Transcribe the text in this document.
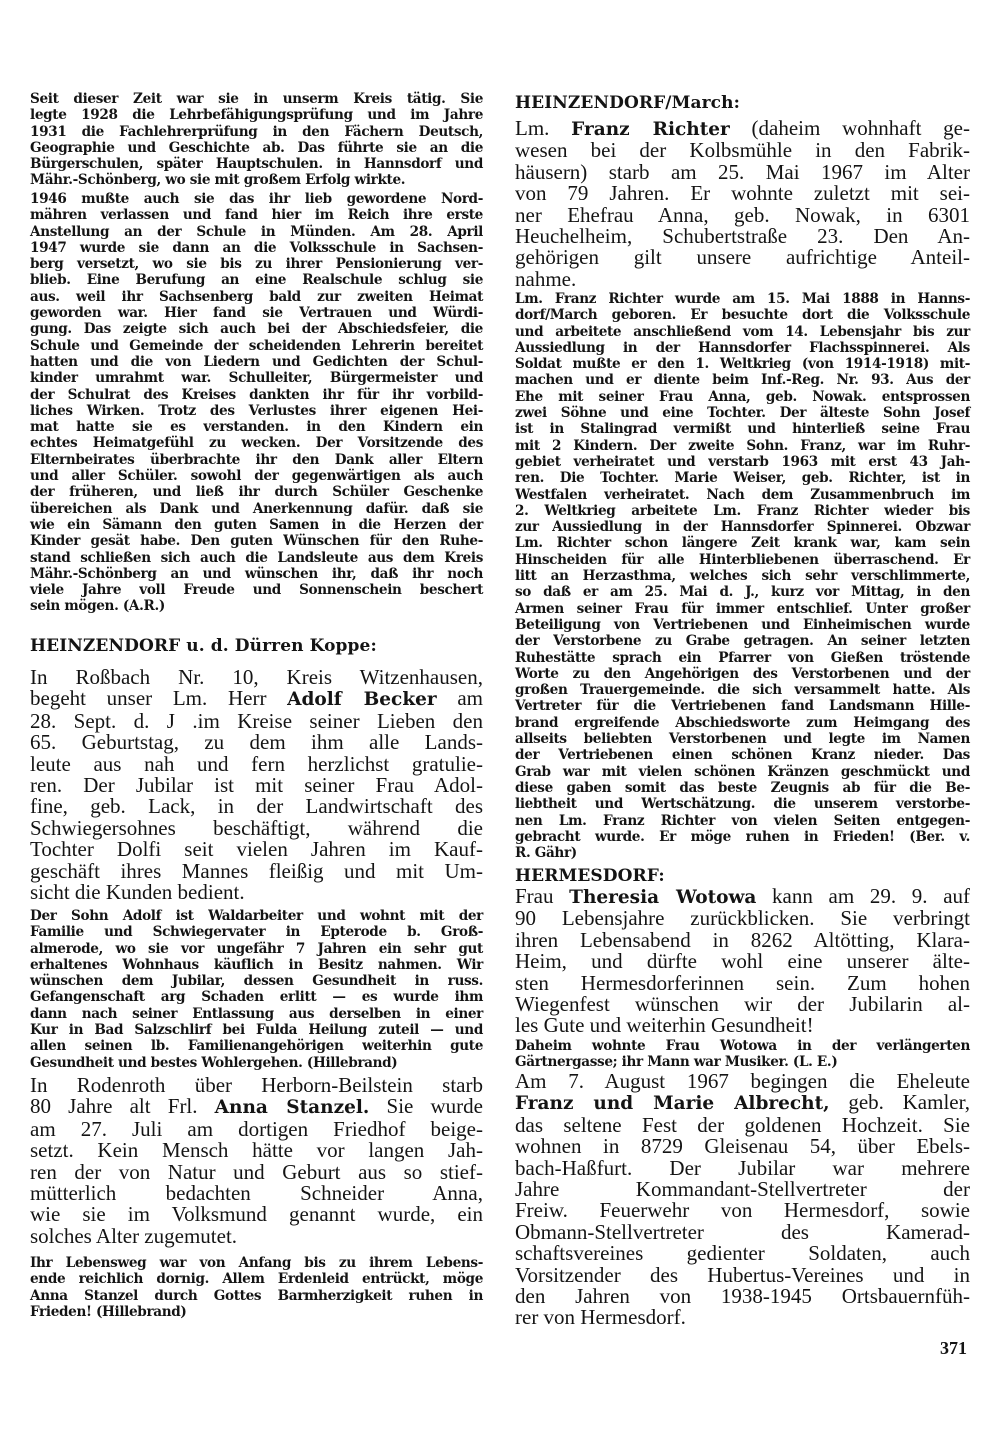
Seit dieser Zeit war sie in unserm Kreis tätig. Sie
legte 1928 die Lehrbefähigungsprüfung und im Jahre
1931 die Fachlehrerprüfung in den Fächern Deutsch,
Geographie und Geschichte ab. Das führte sie an die
Bürgerschulen, später Hauptschulen. in Hannsdorf und
Mähr.-Schönberg, wo sie mit großem Erfolg wirkte.
1946 mußte auch sie das ihr lieb gewordene Nord-
mähren verlassen und fand hier im Reich ihre erste
Anstellung an der Schule in Münden. Am 28. April
1947 wurde sie dann an die Volksschule in Sachsen-
berg versetzt, wo sie bis zu ihrer Pensionierung ver-
blieb. Eine Berufung an eine Realschule schlug sie
aus. weil ihr Sachsenberg bald zur zweiten Heimat
geworden war. Hier fand sie Vertrauen und Würdi-
gung. Das zeigte sich auch bei der Abschiedsfeier, die
Schule und Gemeinde der scheidenden Lehrerin bereitet
hatten und die von Liedern und Gedichten der Schul-
kinder umrahmt war. Schulleiter, Bürgermeister und
der Schulrat des Kreises dankten ihr für ihr vorbild-
liches Wirken. Trotz des Verlustes ihrer eigenen Hei-
mat hatte sie es verstanden. in den Kindern ein
echtes Heimatgefühl zu wecken. Der Vorsitzende des
Elternbeirates überbrachte ihr den Dank aller Eltern
und aller Schüler. sowohl der gegenwärtigen als auch
der früheren, und ließ ihr durch Schüler Geschenke
übereichen als Dank und Anerkennung dafür. daß sie
wie ein Sämann den guten Samen in die Herzen der
Kinder gesät habe. Den guten Wünschen für den Ruhe-
stand schließen sich auch die Landsleute aus dem Kreis
Mähr.-Schönberg an und wünschen ihr, daß ihr noch
viele Jahre voll Freude und Sonnenschein beschert
sein mögen. (A.R.)
HEINZENDORF u. d. Dürren Koppe:
In Roßbach Nr. 10, Kreis Witzenhausen,
begeht unser Lm. Herr Adolf Becker am
28. Sept. d. J .im Kreise seiner Lieben den
65. Geburtstag, zu dem ihm alle Lands-
leute aus nah und fern herzlichst gratulie-
ren. Der Jubilar ist mit seiner Frau Adol-
fine, geb. Lack, in der Landwirtschaft des
Schwiegersohnes beschäftigt, während die
Tochter Dolfi seit vielen Jahren im Kauf-
geschäft ihres Mannes fleißig und mit Um-
sicht die Kunden bedient.
Der Sohn Adolf ist Waldarbeiter und wohnt mit der
Familie und Schwiegervater in Epterode b. Groß-
almerode, wo sie vor ungefähr 7 Jahren ein sehr gut
erhaltenes Wohnhaus käuflich in Besitz nahmen. Wir
wünschen dem Jubilar, dessen Gesundheit in russ.
Gefangenschaft arg Schaden erlitt — es wurde ihm
dann nach seiner Entlassung aus derselben in einer
Kur in Bad Salzschlirf bei Fulda Heilung zuteil — und
allen seinen lb. Familienangehörigen weiterhin gute
Gesundheit und bestes Wohlergehen. (Hillebrand)
In Rodenroth über Herborn-Beilstein starb
80 Jahre alt Frl. Anna Stanzel. Sie wurde
am 27. Juli am dortigen Friedhof beige-
setzt. Kein Mensch hätte vor langen Jah-
ren der von Natur und Geburt aus so stief-
mütterlich bedachten Schneider Anna,
wie sie im Volksmund genannt wurde, ein
solches Alter zugemutet.
Ihr Lebensweg war von Anfang bis zu ihrem Lebens-
ende reichlich dornig. Allem Erdenleid entrückt, möge
Anna Stanzel durch Gottes Barmherzigkeit ruhen in
Frieden! (Hillebrand)
HEINZENDORF/March:
Lm. Franz Richter (daheim wohnhaft ge-
wesen bei der Kolbsmühle in den Fabrik-
häusern) starb am 25. Mai 1967 im Alter
von 79 Jahren. Er wohnte zuletzt mit sei-
ner Ehefrau Anna, geb. Nowak, in 6301
Heuchelheim, Schubertstraße 23. Den An-
gehörigen gilt unsere aufrichtige Anteil-
nahme.
Lm. Franz Richter wurde am 15. Mai 1888 in Hanns-
dorf/March geboren. Er besuchte dort die Volksschule
und arbeitete anschließend vom 14. Lebensjahr bis zur
Aussiedlung in der Hannsdorfer Flachsspinnerei. Als
Soldat mußte er den 1. Weltkrieg (von 1914-1918) mit-
machen und er diente beim Inf.-Reg. Nr. 93. Aus der
Ehe mit seiner Frau Anna, geb. Nowak. entsprossen
zwei Söhne und eine Tochter. Der älteste Sohn Josef
ist in Stalingrad vermißt und hinterließ seine Frau
mit 2 Kindern. Der zweite Sohn. Franz, war im Ruhr-
gebiet verheiratet und verstarb 1963 mit erst 43 Jah-
ren. Die Tochter. Marie Weiser, geb. Richter, ist in
Westfalen verheiratet. Nach dem Zusammenbruch im
2. Weltkrieg arbeitete Lm. Franz Richter wieder bis
zur Aussiedlung in der Hannsdorfer Spinnerei. Obzwar
Lm. Richter schon längere Zeit krank war, kam sein
Hinscheiden für alle Hinterbliebenen überraschend. Er
litt an Herzasthma, welches sich sehr verschlimmerte,
so daß er am 25. Mai d. J., kurz vor Mittag, in den
Armen seiner Frau für immer entschlief. Unter großer
Beteiligung von Vertriebenen und Einheimischen wurde
der Verstorbene zu Grabe getragen. An seiner letzten
Ruhestätte sprach ein Pfarrer von Gießen tröstende
Worte zu den Angehörigen des Verstorbenen und der
großen Trauergemeinde. die sich versammelt hatte. Als
Vertreter für die Vertriebenen fand Landsmann Hille-
brand ergreifende Abschiedsworte zum Heimgang des
allseits beliebten Verstorbenen und legte im Namen
der Vertriebenen einen schönen Kranz nieder. Das
Grab war mit vielen schönen Kränzen geschmückt und
diese gaben somit das beste Zeugnis ab für die Be-
liebtheit und Wertschätzung. die unserem verstorbe-
nen Lm. Franz Richter von vielen Seiten entgegen-
gebracht wurde. Er möge ruhen in Frieden! (Ber. v.
R. Gähr)
HERMESDORF:
Frau Theresia Wotowa kann am 29. 9. auf
90 Lebensjahre zurückblicken. Sie verbringt
ihren Lebensabend in 8262 Altötting, Klara-
Heim, und dürfte wohl eine unserer älte-
sten Hermesdorferinnen sein. Zum hohen
Wiegenfest wünschen wir der Jubilarin al-
les Gute und weiterhin Gesundheit!
Daheim wohnte Frau Wotowa in der verlängerten
Gärtnergasse; ihr Mann war Musiker. (L. E.)
Am 7. August 1967 begingen die Eheleute
Franz und Marie Albrecht, geb. Kamler,
das seltene Fest der goldenen Hochzeit. Sie
wohnen in 8729 Gleisenau 54, über Ebels-
bach-Haßfurt. Der Jubilar war mehrere
Jahre Kommandant-Stellvertreter der
Freiw. Feuerwehr von Hermesdorf, sowie
Obmann-Stellvertreter des Kamerad-
schaftsvereines gedienter Soldaten, auch
Vorsitzender des Hubertus-Vereines und in
den Jahren von 1938-1945 Ortsbauernfüh-
rer von Hermesdorf.
371
